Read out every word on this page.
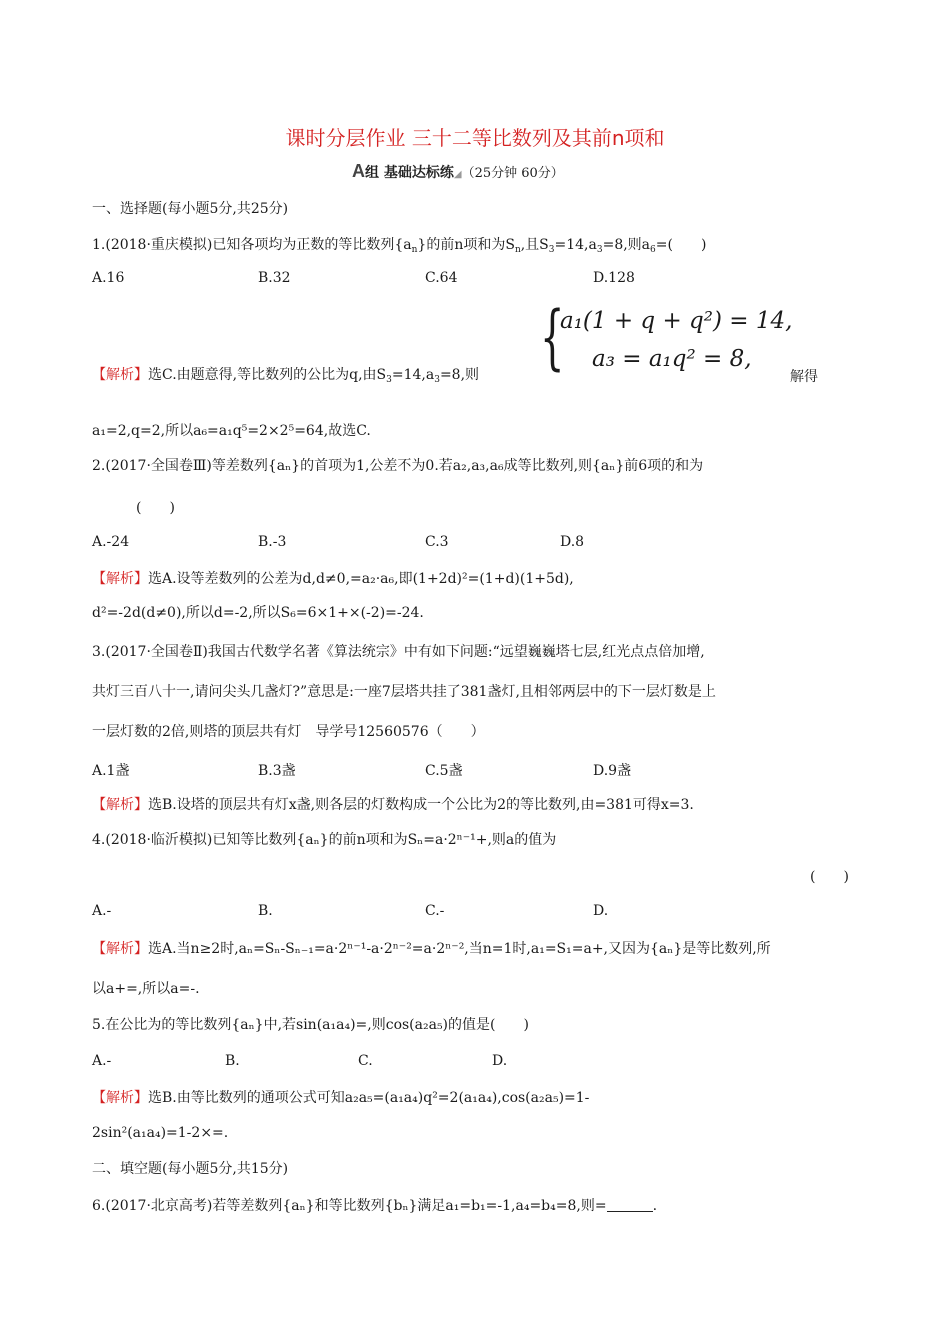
课时分层作业 三十二等比数列及其前n项和
A组 基础达标练◢（25分钟 60分）
一、选择题(每小题5分,共25分)
1.(2018·重庆模拟)已知各项均为正数的等比数列$\{a_n\}$的前n项和为$S_n$,且$S_3=14,a_3=8$,则$a_6=$(　　)
A.16	B.32	C.64	D.128
{
a₁(1 + q + q²) = 14,
a₃ = a₁q² = 8,
【解析】选C.由题意得,等比数列的公比为q,由$S_3=14,a_3=8$,则	解得
a₁=2,q=2,所以a₆=a₁q⁵=2×2⁵=64,故选C.
2.(2017·全国卷Ⅲ)等差数列{aₙ}的首项为1,公差不为0.若a₂,a₃,a₆成等比数列,则{aₙ}前6项的和为
(　　)
A.-24	B.-3	C.3	D.8
【解析】选A.设等差数列的公差为d,d≠0,=a₂·a₆,即(1+2d)²=(1+d)(1+5d),
d²=-2d(d≠0),所以d=-2,所以S₆=6×1+×(-2)=-24.
3.(2017·全国卷Ⅱ)我国古代数学名著《算法统宗》中有如下问题:“远望巍巍塔七层,红光点点倍加增,
共灯三百八十一,请问尖头几盏灯?”意思是:一座7层塔共挂了381盏灯,且相邻两层中的下一层灯数是上
一层灯数的2倍,则塔的顶层共有灯　导学号12560576（　　）
A.1盏	B.3盏	C.5盏	D.9盏
【解析】选B.设塔的顶层共有灯x盏,则各层的灯数构成一个公比为2的等比数列,由=381可得x=3.
4.(2018·临沂模拟)已知等比数列{aₙ}的前n项和为Sₙ=a·2ⁿ⁻¹+,则a的值为
(　　)
A.-	B.	C.-	D.
【解析】选A.当n≥2时,aₙ=Sₙ-Sₙ₋₁=a·2ⁿ⁻¹-a·2ⁿ⁻²=a·2ⁿ⁻²,当n=1时,a₁=S₁=a+,又因为{aₙ}是等比数列,所
以a+=,所以a=-.
5.在公比为的等比数列{aₙ}中,若sin(a₁a₄)=,则cos(a₂a₅)的值是(　　)
A.-	B.	C.	D.
【解析】选B.由等比数列的通项公式可知a₂a₅=(a₁a₄)q²=2(a₁a₄),cos(a₂a₅)=1-
2sin²(a₁a₄)=1-2×=.
二、填空题(每小题5分,共15分)
6.(2017·北京高考)若等差数列{aₙ}和等比数列{bₙ}满足a₁=b₁=-1,a₄=b₄=8,则=	.
